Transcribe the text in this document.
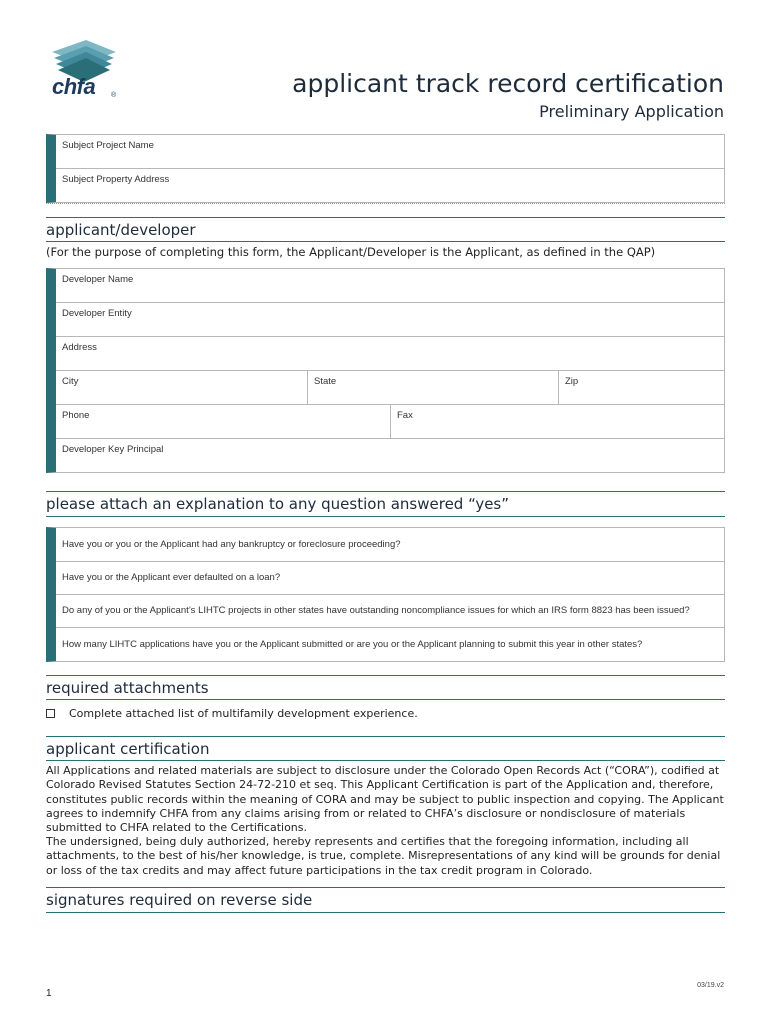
chfa ®	applicant track record certification
Preliminary Application
Subject Project Name
Subject Property Address
applicant/developer
(For the purpose of completing this form, the Applicant/Developer is the Applicant, as defined in the QAP)
Developer Name
Developer Entity
Address
City	State	Zip
Phone	Fax
Developer Key Principal
please attach an explanation to any question answered “yes”
Have you or you or the Applicant had any bankruptcy or foreclosure proceeding?
Have you or the Applicant ever defaulted on a loan?
Do any of you or the Applicant’s LIHTC projects in other states have outstanding noncompliance issues for which an IRS form 8823 has been issued?
How many LIHTC applications have you or the Applicant submitted or are you or the Applicant planning to submit this year in other states?
required attachments
Complete attached list of multifamily development experience.
applicant certification

All Applications and related materials are subject to disclosure under the Colorado Open Records Act (“CORA”), codified at Colorado Revised Statutes Section 24-72-210 et seq. This Applicant Certification is part of the Application and, therefore, constitutes public records within the meaning of CORA and may be subject to public inspection and copying. The Applicant agrees to indemnify CHFA from any claims arising from or related to CHFA’s disclosure or nondisclosure of materials submitted to CHFA related to the Certifications.

The undersigned, being duly authorized, hereby represents and certifies that the foregoing information, including all attachments, to the best of his/her knowledge, is true, complete. Misrepresentations of any kind will be grounds for denial or loss of the tax credits and may affect future participations in the tax credit program in Colorado.

signatures required on reverse side
1
03/19.v2
